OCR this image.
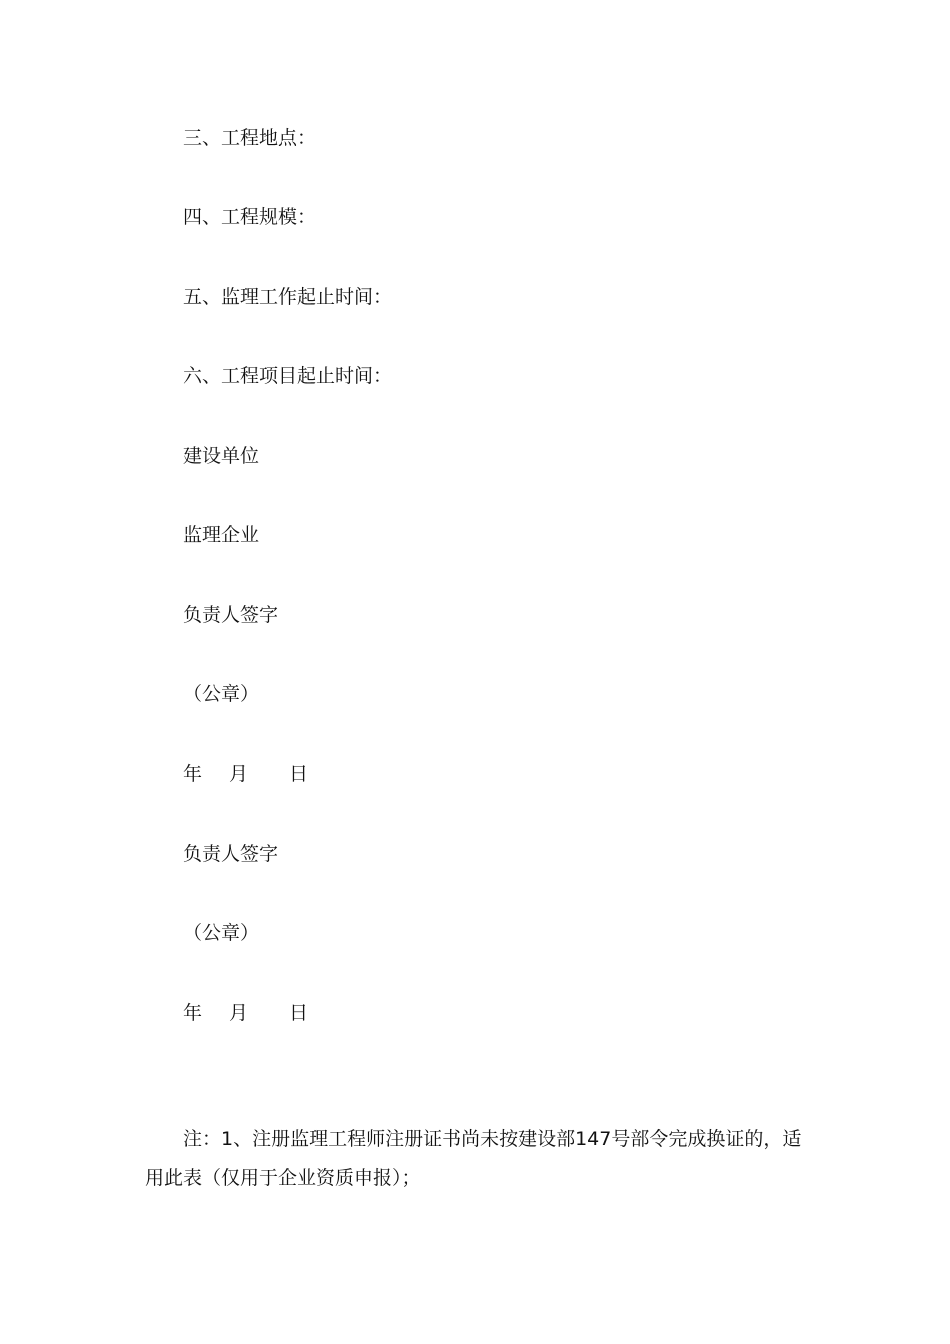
三、工程地点：
四、工程规模：
五、监理工作起止时间：
六、工程项目起止时间：
建设单位
监理企业
负责人签字
（公章）
年 月 日
负责人签字
（公章）
年 月 日
注：1、注册监理工程师注册证书尚未按建设部147号部令完成换证的，适用此表（仅用于企业资质申报）；
